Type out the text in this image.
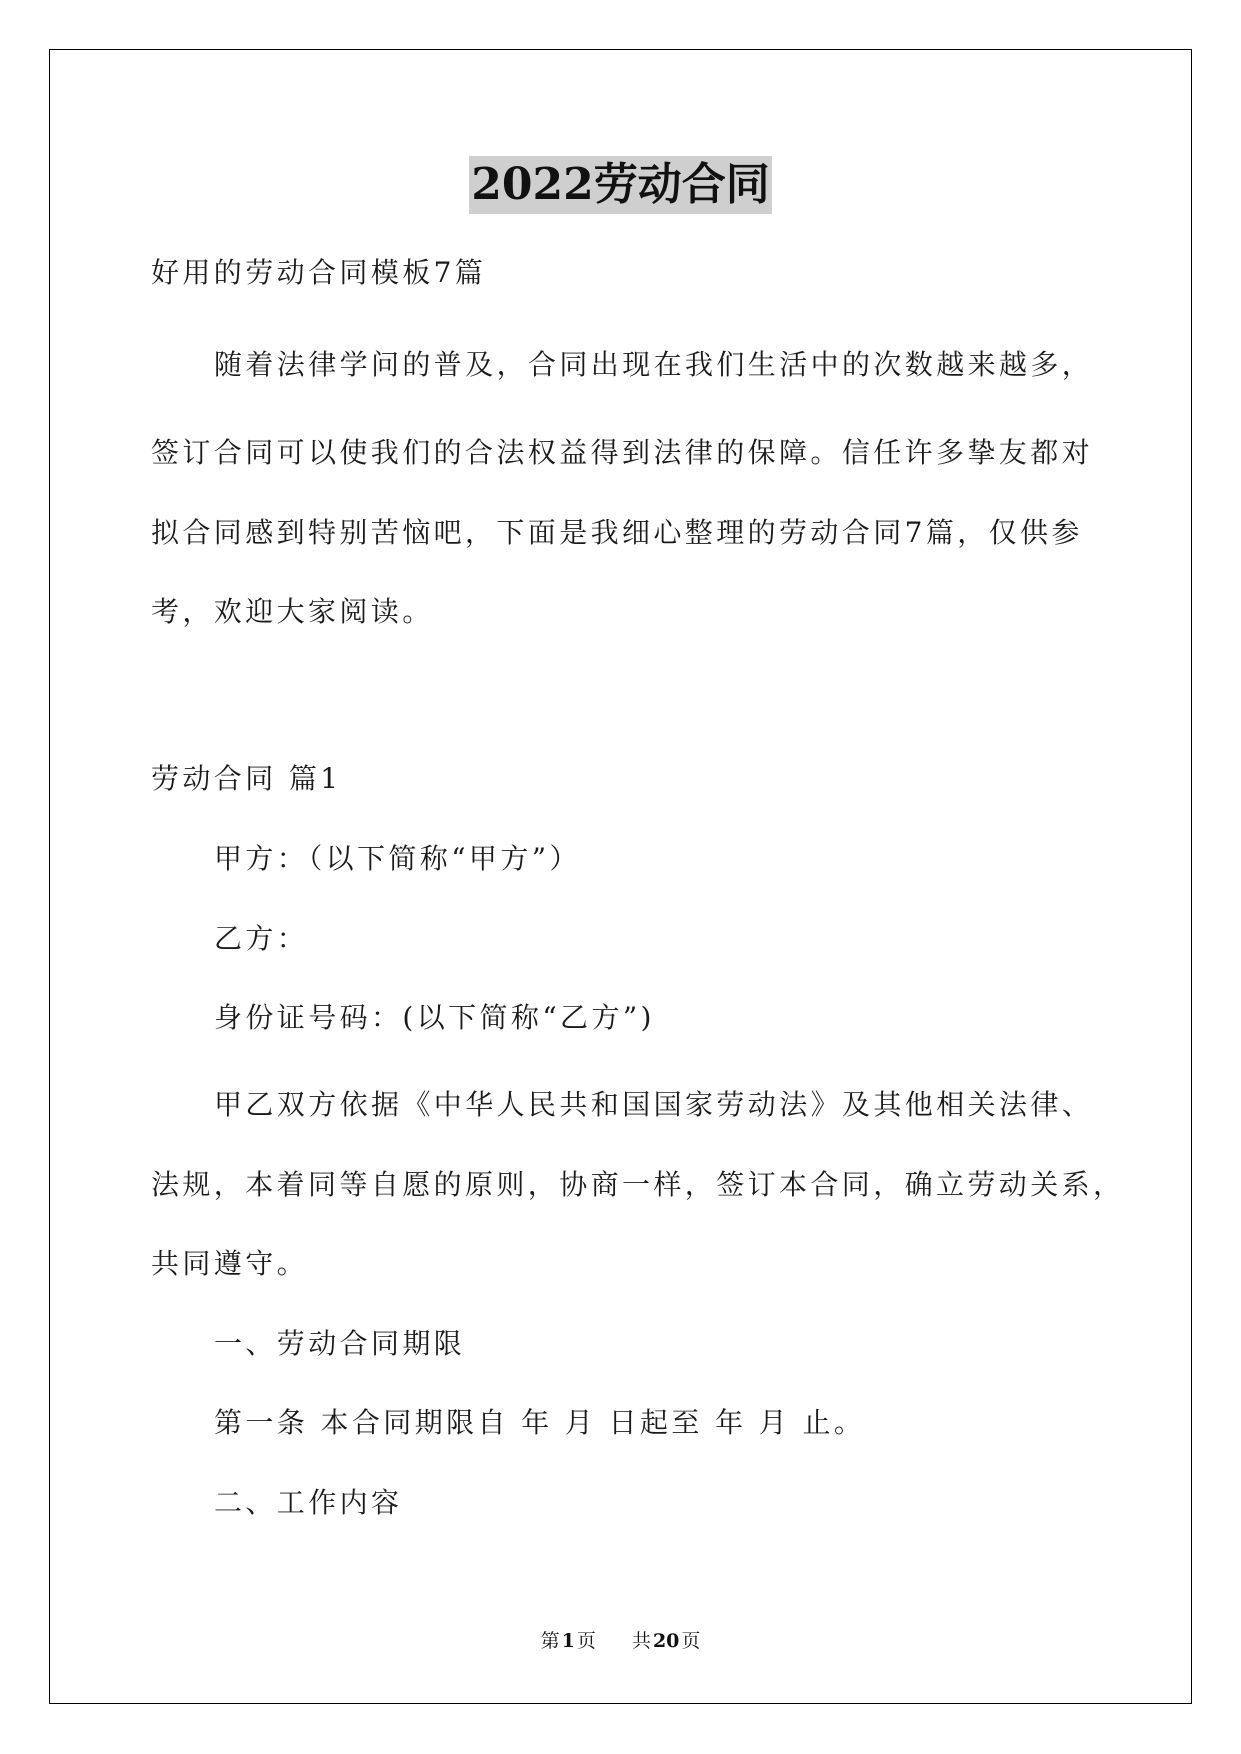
2022劳动合同
好用的劳动合同模板7篇
随着法律学问的普及，合同出现在我们生活中的次数越来越多，
签订合同可以使我们的合法权益得到法律的保障。信任许多挚友都对
拟合同感到特别苦恼吧，下面是我细心整理的劳动合同7篇，仅供参
考，欢迎大家阅读。
劳动合同 篇1
甲方：（以下简称“甲方”）
乙方：
身份证号码：(以下简称“乙方”)
甲乙双方依据《中华人民共和国国家劳动法》及其他相关法律、
法规，本着同等自愿的原则，协商一样，签订本合同，确立劳动关系，
共同遵守。
一、劳动合同期限
第一条 本合同期限自 年 月 日起至 年 月 止。
二、工作内容
第 1 页 共 20 页
